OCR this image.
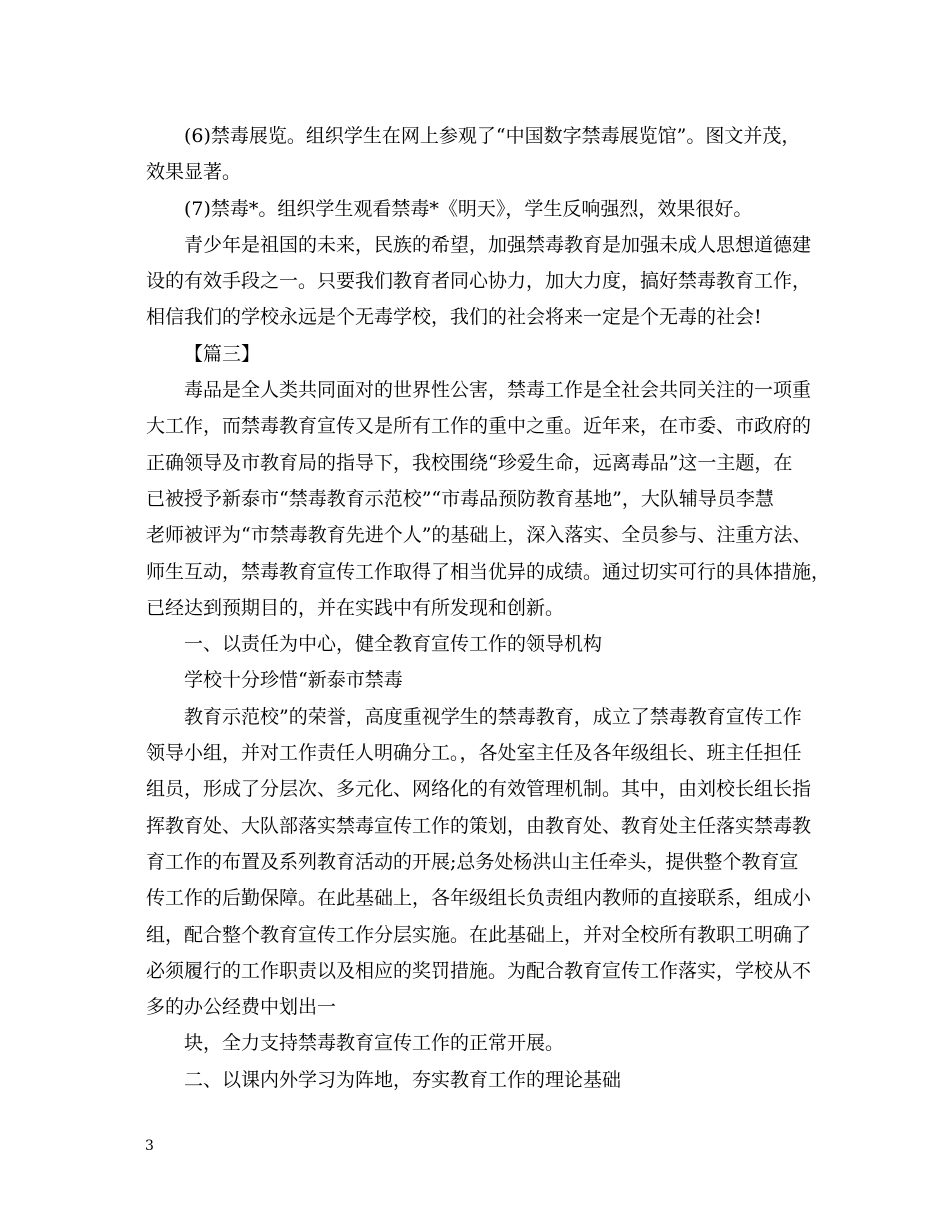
(6)禁毒展览。组织学生在网上参观了“中国数字禁毒展览馆”。图文并茂，
效果显著。
(7)禁毒*。组织学生观看禁毒*《明天》，学生反响强烈，效果很好。
青少年是祖国的未来，民族的希望，加强禁毒教育是加强未成人思想道德建
设的有效手段之一。只要我们教育者同心协力，加大力度，搞好禁毒教育工作，
相信我们的学校永远是个无毒学校，我们的社会将来一定是个无毒的社会!
【篇三】
毒品是全人类共同面对的世界性公害，禁毒工作是全社会共同关注的一项重
大工作，而禁毒教育宣传又是所有工作的重中之重。近年来，在市委、市政府的
正确领导及市教育局的指导下，我校围绕“珍爱生命，远离毒品”这一主题，在
已被授予新泰市“禁毒教育示范校”“市毒品预防教育基地”，大队辅导员李慧
老师被评为“市禁毒教育先进个人”的基础上，深入落实、全员参与、注重方法、
师生互动，禁毒教育宣传工作取得了相当优异的成绩。通过切实可行的具体措施，
已经达到预期目的，并在实践中有所发现和创新。
一、以责任为中心，健全教育宣传工作的领导机构
学校十分珍惜“新泰市禁毒
教育示范校”的荣誉，高度重视学生的禁毒教育，成立了禁毒教育宣传工作
领导小组，并对工作责任人明确分工。，各处室主任及各年级组长、班主任担任
组员，形成了分层次、多元化、网络化的有效管理机制。其中，由刘校长组长指
挥教育处、大队部落实禁毒宣传工作的策划，由教育处、教育处主任落实禁毒教
育工作的布置及系列教育活动的开展;总务处杨洪山主任牵头，提供整个教育宣
传工作的后勤保障。在此基础上，各年级组长负责组内教师的直接联系，组成小
组，配合整个教育宣传工作分层实施。在此基础上，并对全校所有教职工明确了
必须履行的工作职责以及相应的奖罚措施。为配合教育宣传工作落实，学校从不
多的办公经费中划出一
块，全力支持禁毒教育宣传工作的正常开展。
二、以课内外学习为阵地，夯实教育工作的理论基础
3
